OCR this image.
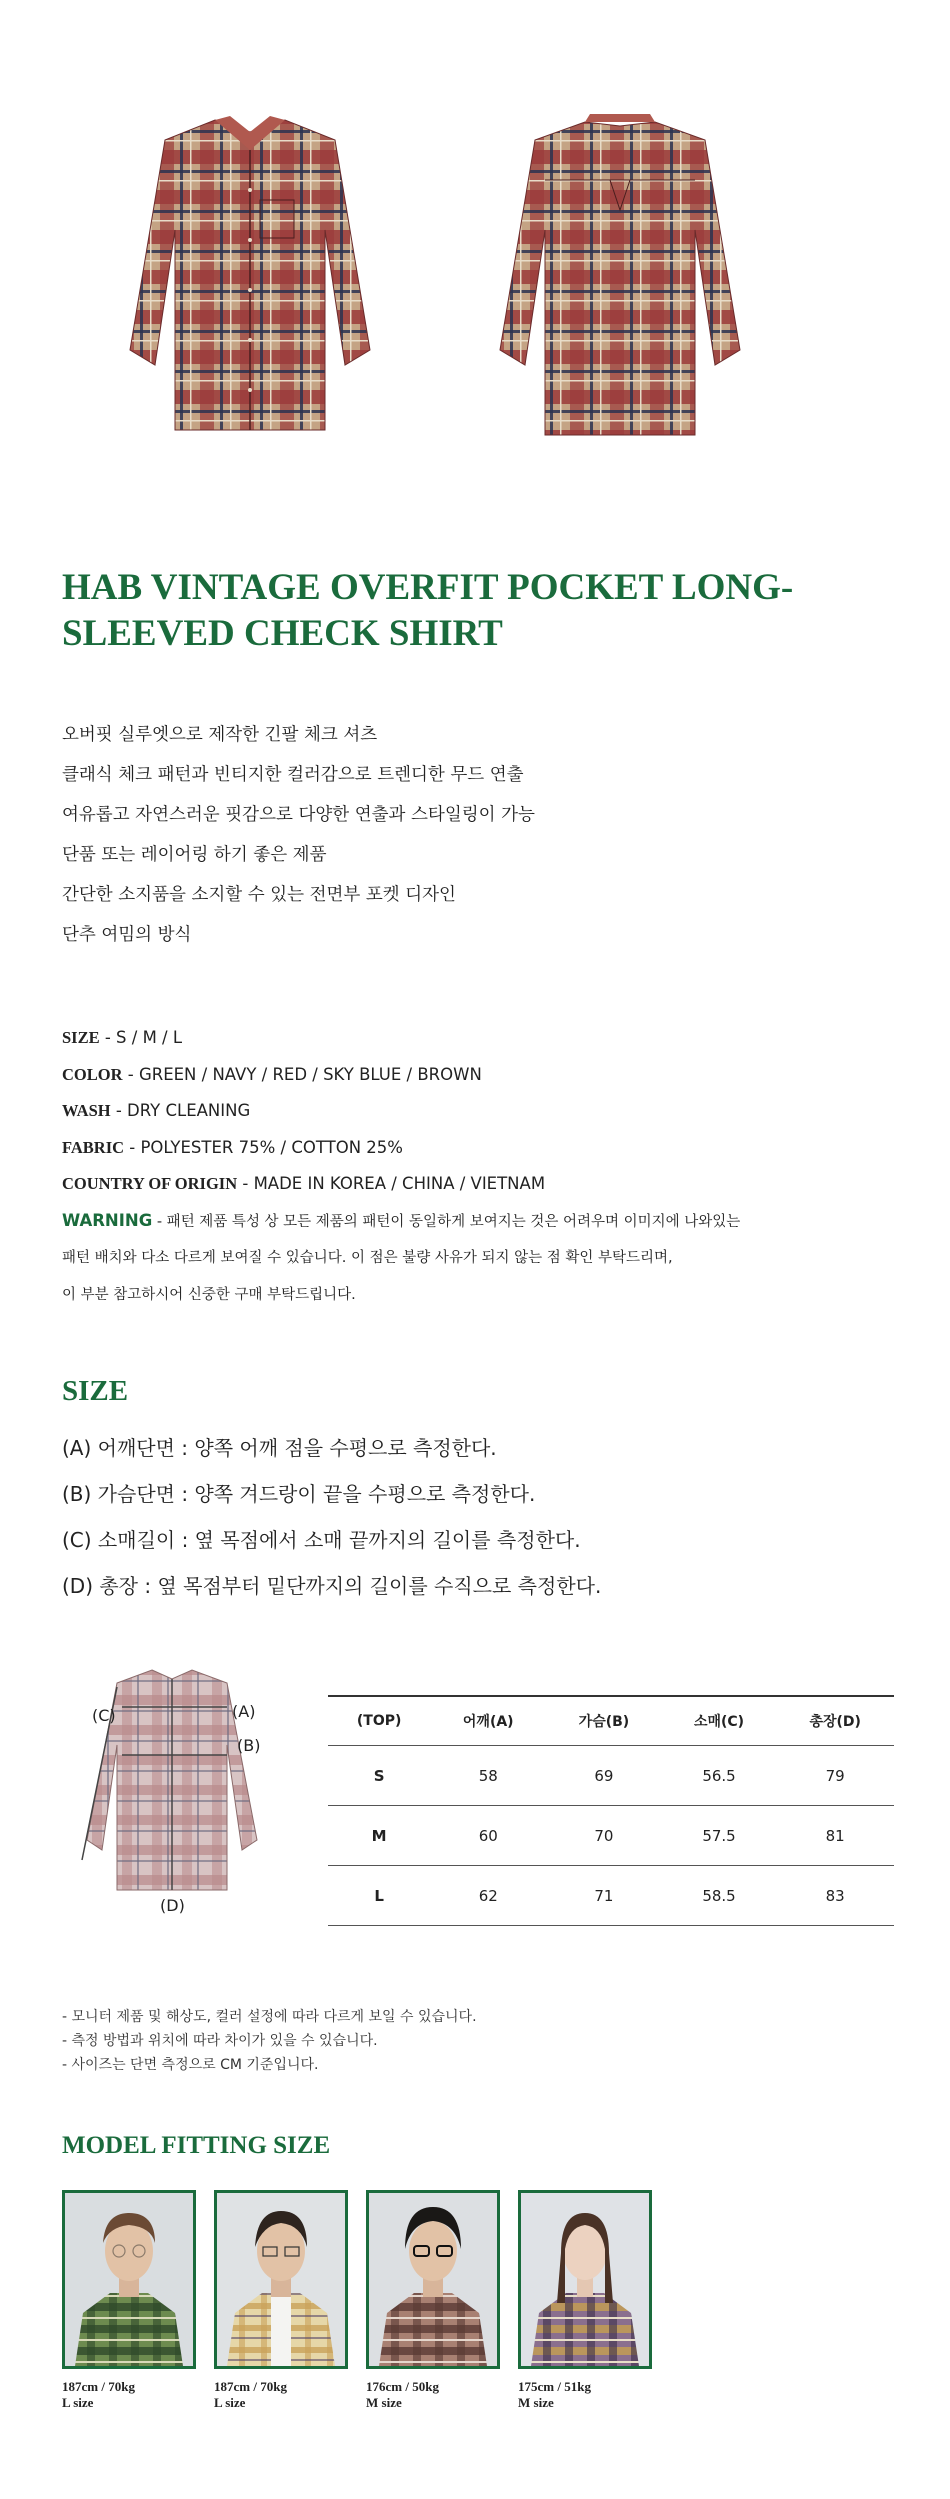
HAB VINTAGE OVERFIT POCKET LONG-SLEEVED CHECK SHIRT
오버핏 실루엣으로 제작한 긴팔 체크 셔츠
클래식 체크 패턴과 빈티지한 컬러감으로 트렌디한 무드 연출
여유롭고 자연스러운 핏감으로 다양한 연출과 스타일링이 가능
단품 또는 레이어링 하기 좋은 제품
간단한 소지품을 소지할 수 있는 전면부 포켓 디자인
단추 여밈의 방식
SIZE - S / M / L
COLOR - GREEN / NAVY / RED / SKY BLUE / BROWN
WASH - DRY CLEANING
FABRIC - POLYESTER 75% / COTTON 25%
COUNTRY OF ORIGIN - MADE IN KOREA / CHINA / VIETNAM
WARNING - 패턴 제품 특성 상 모든 제품의 패턴이 동일하게 보여지는 것은 어려우며 이미지에 나와있는
패턴 배치와 다소 다르게 보여질 수 있습니다. 이 점은 불량 사유가 되지 않는 점 확인 부탁드리며,
이 부분 참고하시어 신중한 구매 부탁드립니다.
SIZE
(A) 어깨단면 : 양쪽 어깨 점을 수평으로 측정한다.
(B) 가슴단면 : 양쪽 겨드랑이 끝을 수평으로 측정한다.
(C) 소매길이 : 옆 목점에서 소매 끝까지의 길이를 측정한다.
(D) 총장 : 옆 목점부터 밑단까지의 길이를 수직으로 측정한다.
(A)
(B)
(C)
(D)
(TOP)	어깨(A)	가슴(B)	소매(C)	총장(D)
S	58	69	56.5	79
M	60	70	57.5	81
L	62	71	58.5	83
- 모니터 제품 및 해상도, 컬러 설정에 따라 다르게 보일 수 있습니다.
- 측정 방법과 위치에 따라 차이가 있을 수 있습니다.
- 사이즈는 단면 측정으로 CM 기준입니다.
MODEL FITTING SIZE
187cm / 70kg
L size
187cm / 70kg
L size
176cm / 50kg
M size
175cm / 51kg
M size
